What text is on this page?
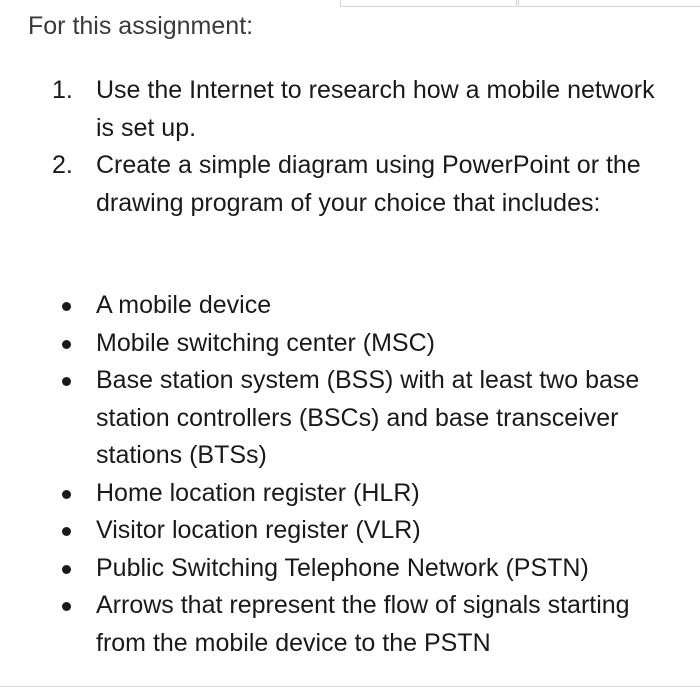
For this assignment:
1. Use the Internet to research how a mobile network is set up.
2. Create a simple diagram using PowerPoint or the drawing program of your choice that includes:
A mobile device
Mobile switching center (MSC)
Base station system (BSS) with at least two base station controllers (BSCs) and base transceiver stations (BTSs)
Home location register (HLR)
Visitor location register (VLR)
Public Switching Telephone Network (PSTN)
Arrows that represent the flow of signals starting from the mobile device to the PSTN
